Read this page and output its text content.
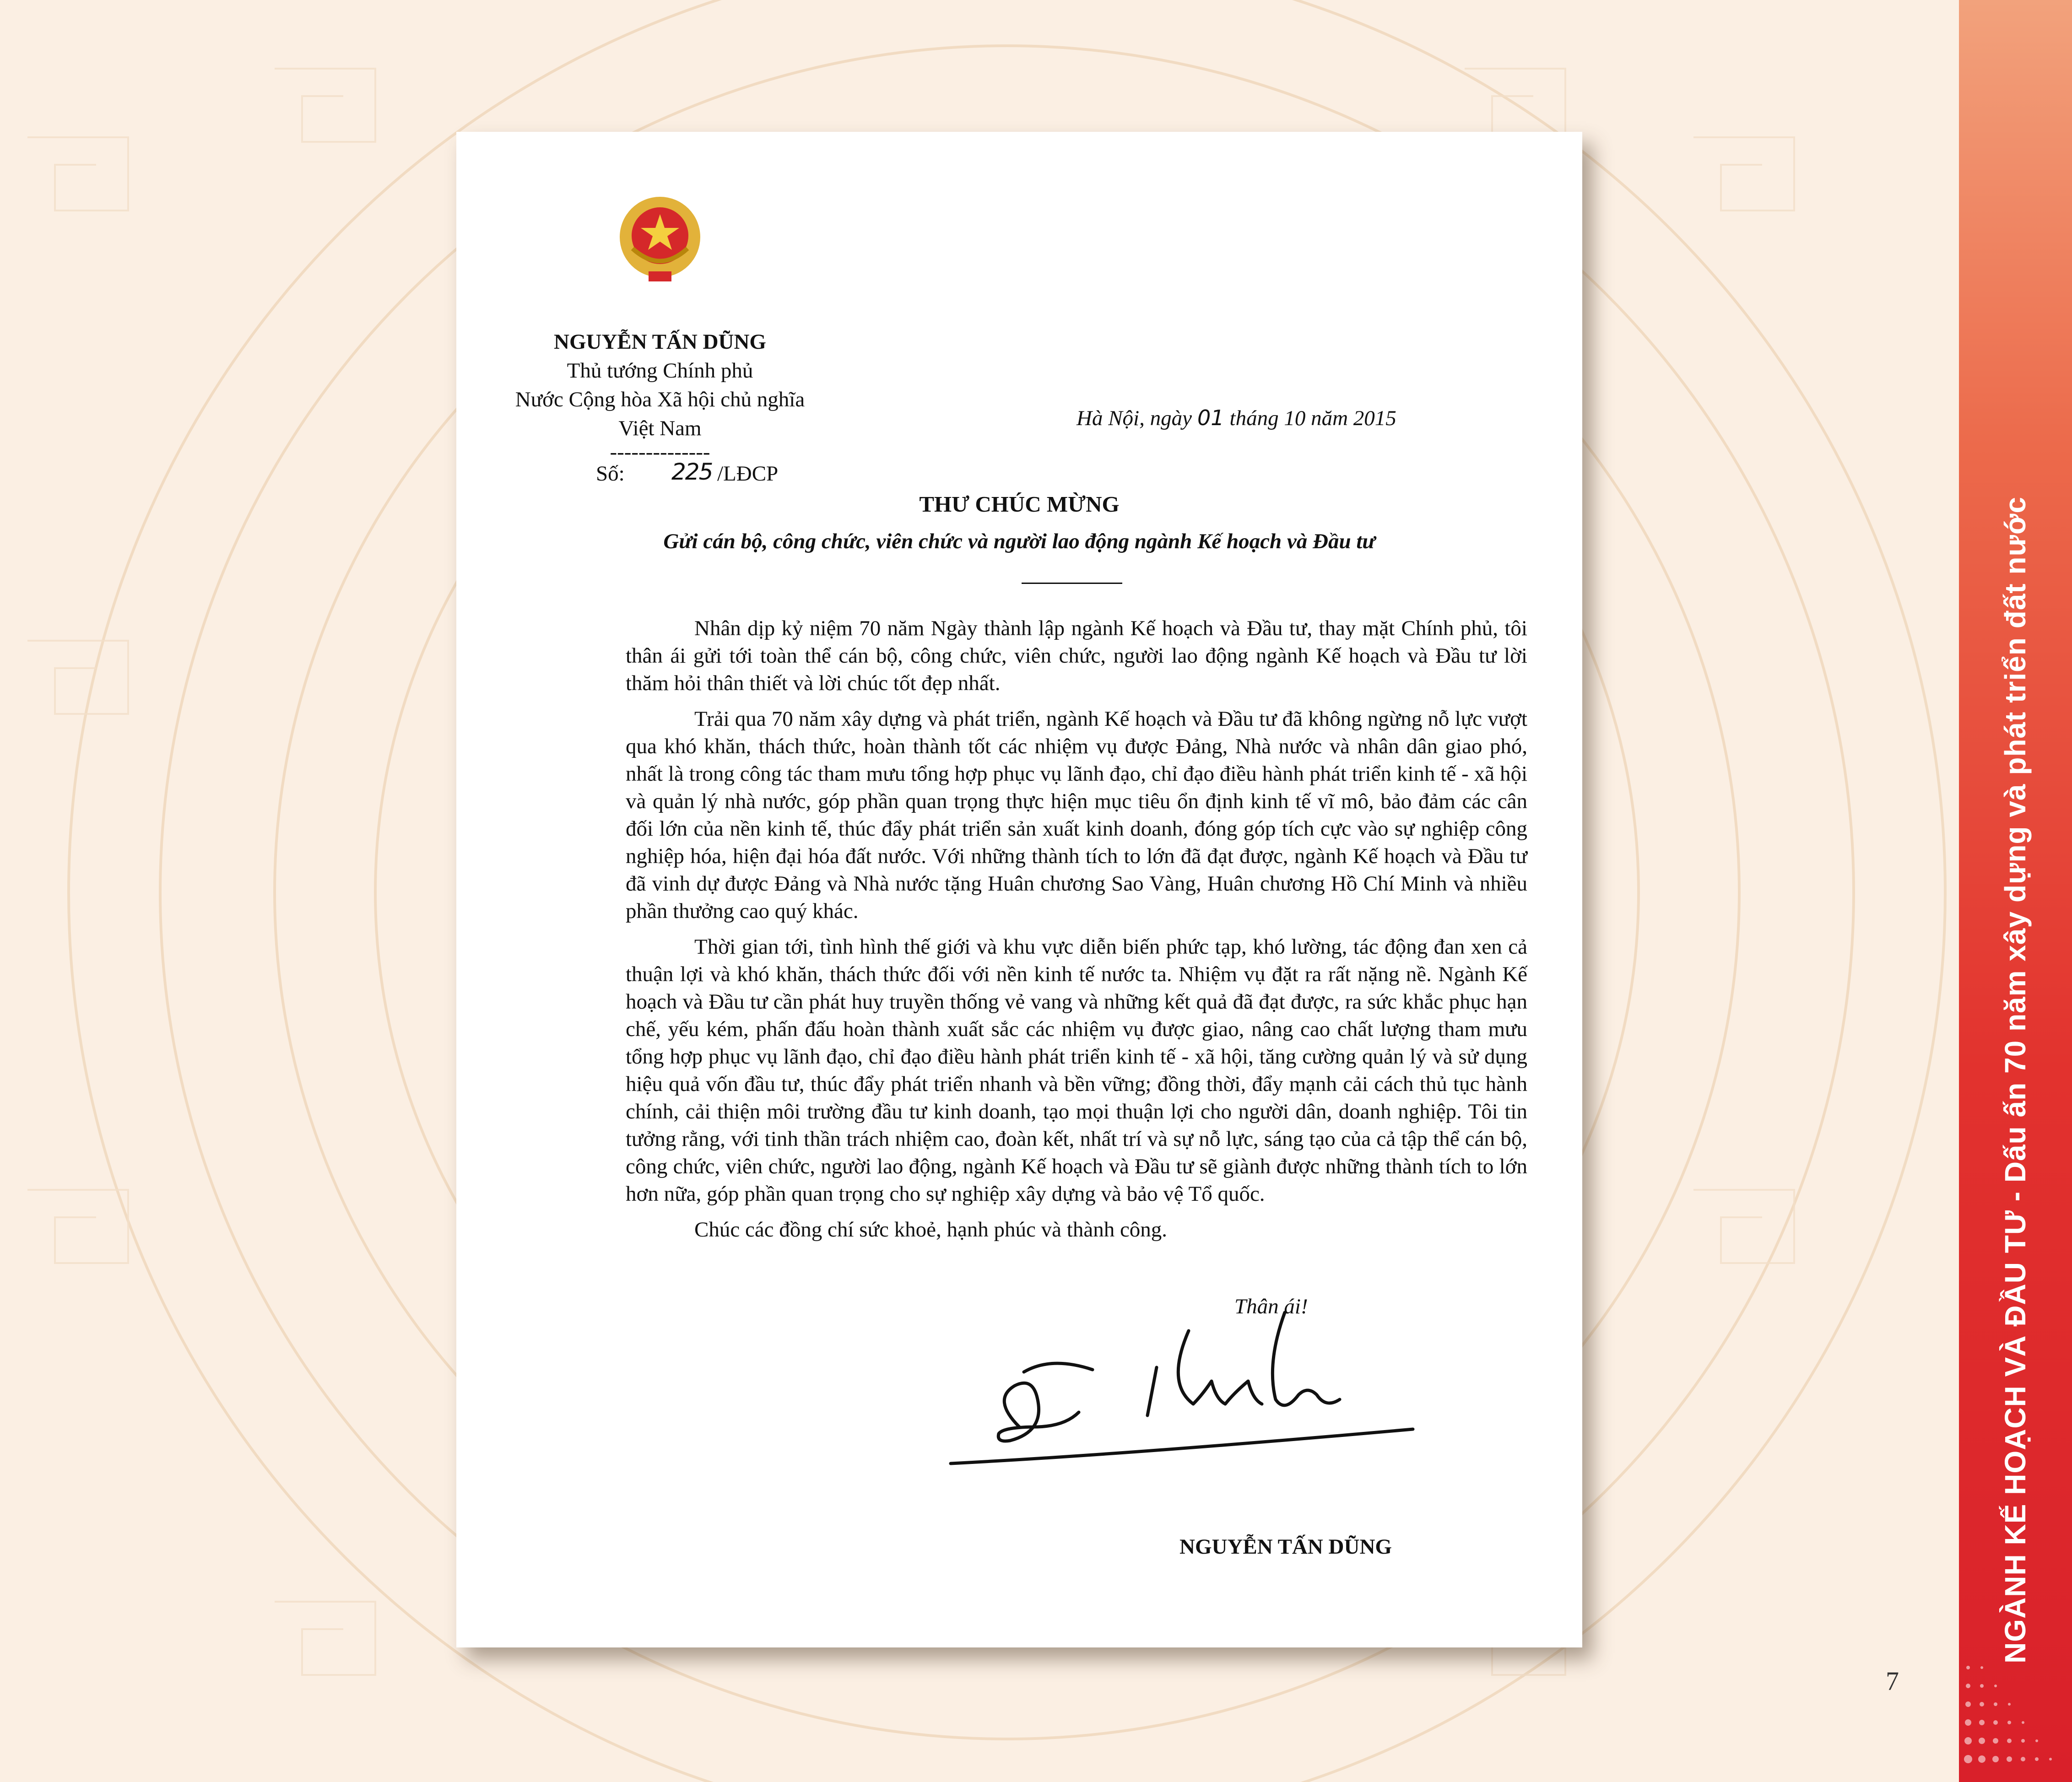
NGÀNH KẾ HOẠCH VÀ ĐẦU TƯ - Dấu ấn 70 năm xây dựng và phát triển đất nước
7
NGUYỄN TẤN DŨNG
Thủ tướng Chính phủ
Nước Cộng hòa Xã hội chủ nghĩa
Việt Nam
--------------
Số: 225 /LĐCP
Hà Nội, ngày 01 tháng 10 năm 2015
THƯ CHÚC MỪNG
Gửi cán bộ, công chức, viên chức và người lao động ngành Kế hoạch và Đầu tư

Nhân dịp kỷ niệm 70 năm Ngày thành lập ngành Kế hoạch và Đầu tư, thay mặt Chính phủ, tôi thân ái gửi tới toàn thể cán bộ, công chức, viên chức, người lao động ngành Kế hoạch và Đầu tư lời thăm hỏi thân thiết và lời chúc tốt đẹp nhất.

Trải qua 70 năm xây dựng và phát triển, ngành Kế hoạch và Đầu tư đã không ngừng nỗ lực vượt qua khó khăn, thách thức, hoàn thành tốt các nhiệm vụ được Đảng, Nhà nước và nhân dân giao phó, nhất là trong công tác tham mưu tổng hợp phục vụ lãnh đạo, chỉ đạo điều hành phát triển kinh tế - xã hội và quản lý nhà nước, góp phần quan trọng thực hiện mục tiêu ổn định kinh tế vĩ mô, bảo đảm các cân đối lớn của nền kinh tế, thúc đẩy phát triển sản xuất kinh doanh, đóng góp tích cực vào sự nghiệp công nghiệp hóa, hiện đại hóa đất nước. Với những thành tích to lớn đã đạt được, ngành Kế hoạch và Đầu tư đã vinh dự được Đảng và Nhà nước tặng Huân chương Sao Vàng, Huân chương Hồ Chí Minh và nhiều phần thưởng cao quý khác.

Thời gian tới, tình hình thế giới và khu vực diễn biến phức tạp, khó lường, tác động đan xen cả thuận lợi và khó khăn, thách thức đối với nền kinh tế nước ta. Nhiệm vụ đặt ra rất nặng nề. Ngành Kế hoạch và Đầu tư cần phát huy truyền thống vẻ vang và những kết quả đã đạt được, ra sức khắc phục hạn chế, yếu kém, phấn đấu hoàn thành xuất sắc các nhiệm vụ được giao, nâng cao chất lượng tham mưu tổng hợp phục vụ lãnh đạo, chỉ đạo điều hành phát triển kinh tế - xã hội, tăng cường quản lý và sử dụng hiệu quả vốn đầu tư, thúc đẩy phát triển nhanh và bền vững; đồng thời, đẩy mạnh cải cách thủ tục hành chính, cải thiện môi trường đầu tư kinh doanh, tạo mọi thuận lợi cho người dân, doanh nghiệp. Tôi tin tưởng rằng, với tinh thần trách nhiệm cao, đoàn kết, nhất trí và sự nỗ lực, sáng tạo của cả tập thể cán bộ, công chức, viên chức, người lao động, ngành Kế hoạch và Đầu tư sẽ giành được những thành tích to lớn hơn nữa, góp phần quan trọng cho sự nghiệp xây dựng và bảo vệ Tổ quốc.

Chúc các đồng chí sức khoẻ, hạnh phúc và thành công.

Thân ái!
NGUYỄN TẤN DŨNG
